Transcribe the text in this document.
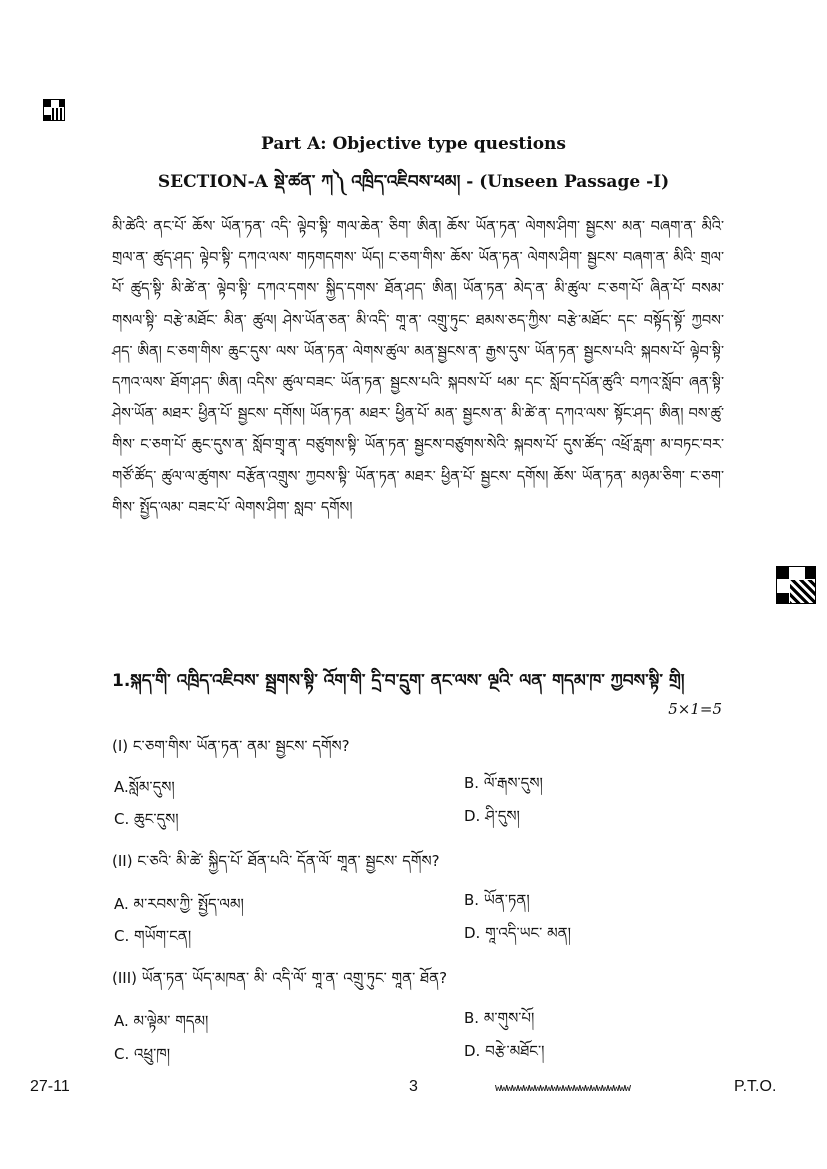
Part A: Objective type questions
SECTION-A སྡེ་ཚན་ ཀ༽ འཁྲིད་འཇིབས་ཕམ། - (Unseen Passage -I)
མི་ཚེའི་ ནང་པོ་ ཆོས་ ཡོན་ཏན་ འདི་ ལྟེབ་སྟི་ གལ་ཆེན་ ཅིག་ ཨིན། ཆོས་ ཡོན་ཏན་ ལེགས་ཤིག་ སྦྱངས་ མན་ བཞག་ན་ མིའི་ གྲལ་ན་ ཚུད་ཤད་ ལྟེབ་སྟི་ དཀའ་ལས་ གཏགདགས་ ཡོད། ང་ཅག་གིས་ ཆོས་ ཡོན་ཏན་ ལེགས་ཤིག་ སྦྱངས་ བཞག་ན་ མིའི་ གྲལ་པོ་ ཚུད་སྟི་ མི་ཚེ་ན་ ལྟེབ་སྟི་ དཀའ་དགས་ སྐྱིད་དགས་ ཐོན་ཤད་ ཨིན། ཡོན་ཏན་ མེད་ན་ མི་ཚུལ་ ང་ཅག་པོ་ ཞིན་པོ་ བསམ་གསལ་སྟི་ བརྩེ་མཐོང་ མིན་ ཚུལ། ཤེས་ཡོན་ཅན་ མི་འདི་ གཱ་ན་ འགྲུ་ཏུང་ ཐམས་ཅད་ཀྱིས་ བརྩེ་མཐོང་ དང་ བསྟོད་སྟོ་ ཀྱབས་ཤད་ ཨིན། ང་ཅག་གིས་ ཆུང་དུས་ ལས་ ཡོན་ཏན་ ལེགས་ཚུལ་ མན་སྦྱངས་ན་ རྒྱས་དུས་ ཡོན་ཏན་ སྦྱངས་པའི་ སྐབས་པོ་ ལྟེབ་སྟི་ དཀའ་ལས་ ཐོག་ཤད་ ཨིན། འདིས་ ཚུལ་བཟང་ ཡོན་ཏན་ སྦྱངས་པའི་ སྐབས་པོ་ ཕམ་ དང་ སློབ་དཔོན་ཚུའི་ བཀའ་སློབ་ ཞན་སྟི་ ཤེས་ཡོན་ མཐར་ ཕྱིན་པོ་ སྦྱངས་ དགོས། ཡོན་ཏན་ མཐར་ ཕྱིན་པོ་ མན་ སྦྱངས་ན་ མི་ཚེ་ན་ དཀའ་ལས་ སྟོང་ཤད་ ཨིན། བས་ཚུ་གིས་ ང་ཅག་པོ་ ཆུང་དུས་ན་ སློབ་གྲྭ་ན་ བཙུགས་སྟི་ ཡོན་ཏན་ སྦྱངས་བཙུགས་སེའི་ སྐབས་པོ་ དུས་ཚོད་ འཕྲོ་རླག་ མ་བཏང་བར་ གཙོ་ཚོད་ ཚུལ་ལ་ཚུགས་ བརྩོན་འགྲུས་ ཀྱབས་སྟི་ ཡོན་ཏན་ མཐར་ ཕྱིན་པོ་ སྦྱངས་ དགོས། ཆོས་ ཡོན་ཏན་ མཉམ་ཅིག་ ང་ཅག་གིས་ སྤྱོད་ལམ་ བཟང་པོ་ ལེགས་ཤིག་ སླབ་ དགོས།
1.སྐད་གི་ འཁྲིད་འཇིབས་ སྦྲགས་སྟི་ འོག་གི་ དྲི་བ་དྲུག་ ནང་ལས་ ལྔའི་ ལན་ གདམ་ཁ་ ཀྱབས་སྟི་ གྲི།
5×1=5
(I) ང་ཅག་གིས་ ཡོན་ཏན་ ནམ་ སྦྱངས་ དགོས?
A.སློམ་དུས།	B. ལོ་རྒས་དུས།
C. ཆུང་དུས།	D. ཤི་དུས།
(II) ང་ཅའི་ མི་ཚེ་ སྐྱིད་པོ་ ཐོན་པའི་ དོན་ལོ་ གཱན་ སྦྱངས་ དགོས?
A. མ་རབས་ཀྱི་ སྤྱོད་ལམ།	B. ཡོན་ཏན།
C. གཡོག་ངན།	D. གཱ་འདི་ཡང་ མན།
(III) ཡོན་ཏན་ ཡོད་མཁན་ མི་ འདི་ལོ་ གཱ་ན་ འགྲུ་ཏུང་ གཱན་ ཐོན?
A. མ་ལྟེམ་ གདམ།	B. མ་གུས་པོ།
C. འཕྲུ་ཁ།	D. བརྩེ་མཐོང་།
27-11	3	wwwwwwwwwwwwwwwwwwwwwwww	P.T.O.
